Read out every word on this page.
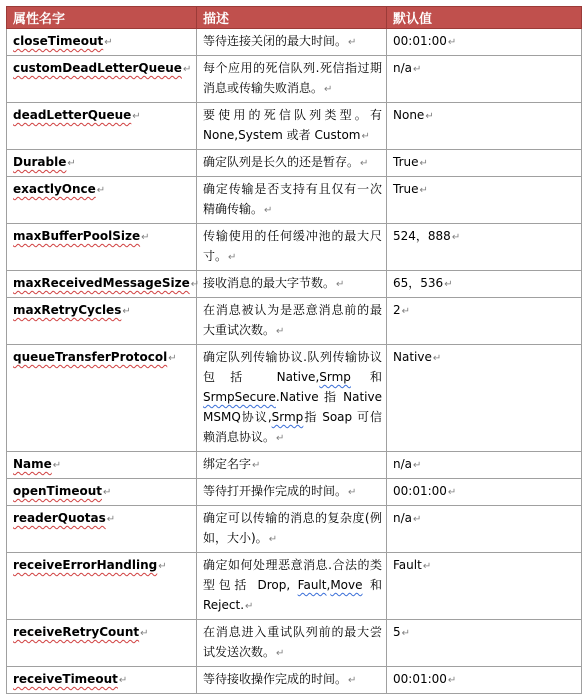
属性名字	描述	默认值
closeTimeout↵	等待连接关闭的最大时间。↵	00:01:00↵
customDeadLetterQueue↵	每个应用的死信队列.死信指过期消息或传输失败消息。↵	n/a↵
deadLetterQueue↵	要使用的死信队列类型。有 None,System 或者 Custom↵	None↵
Durable↵	确定队列是长久的还是暂存。↵	True↵
exactlyOnce↵	确定传输是否支持有且仅有一次精确传输。↵	True↵
maxBufferPoolSize↵	传输使用的任何缓冲池的最大尺寸。↵	524，888↵
maxReceivedMessageSize↵	接收消息的最大字节数。↵	65，536↵
maxRetryCycles↵	在消息被认为是恶意消息前的最大重试次数。↵	2↵
queueTransferProtocol↵	确定队列传输协议.队列传输协议包括 Native,Srmp 和 SrmpSecure.Native 指 Native MSMQ协议,Srmp指 Soap 可信赖消息协议。↵	Native↵
Name↵	绑定名字↵	n/a↵
openTimeout↵	等待打开操作完成的时间。↵	00:01:00↵
readerQuotas↵	确定可以传输的消息的复杂度(例如，大小)。↵	n/a↵
receiveErrorHandling↵	确定如何处理恶意消息.合法的类型包括 Drop, Fault,Move 和 Reject.↵	Fault↵
receiveRetryCount↵	在消息进入重试队列前的最大尝试发送次数。↵	5↵
receiveTimeout↵	等待接收操作完成的时间。↵	00:01:00↵
